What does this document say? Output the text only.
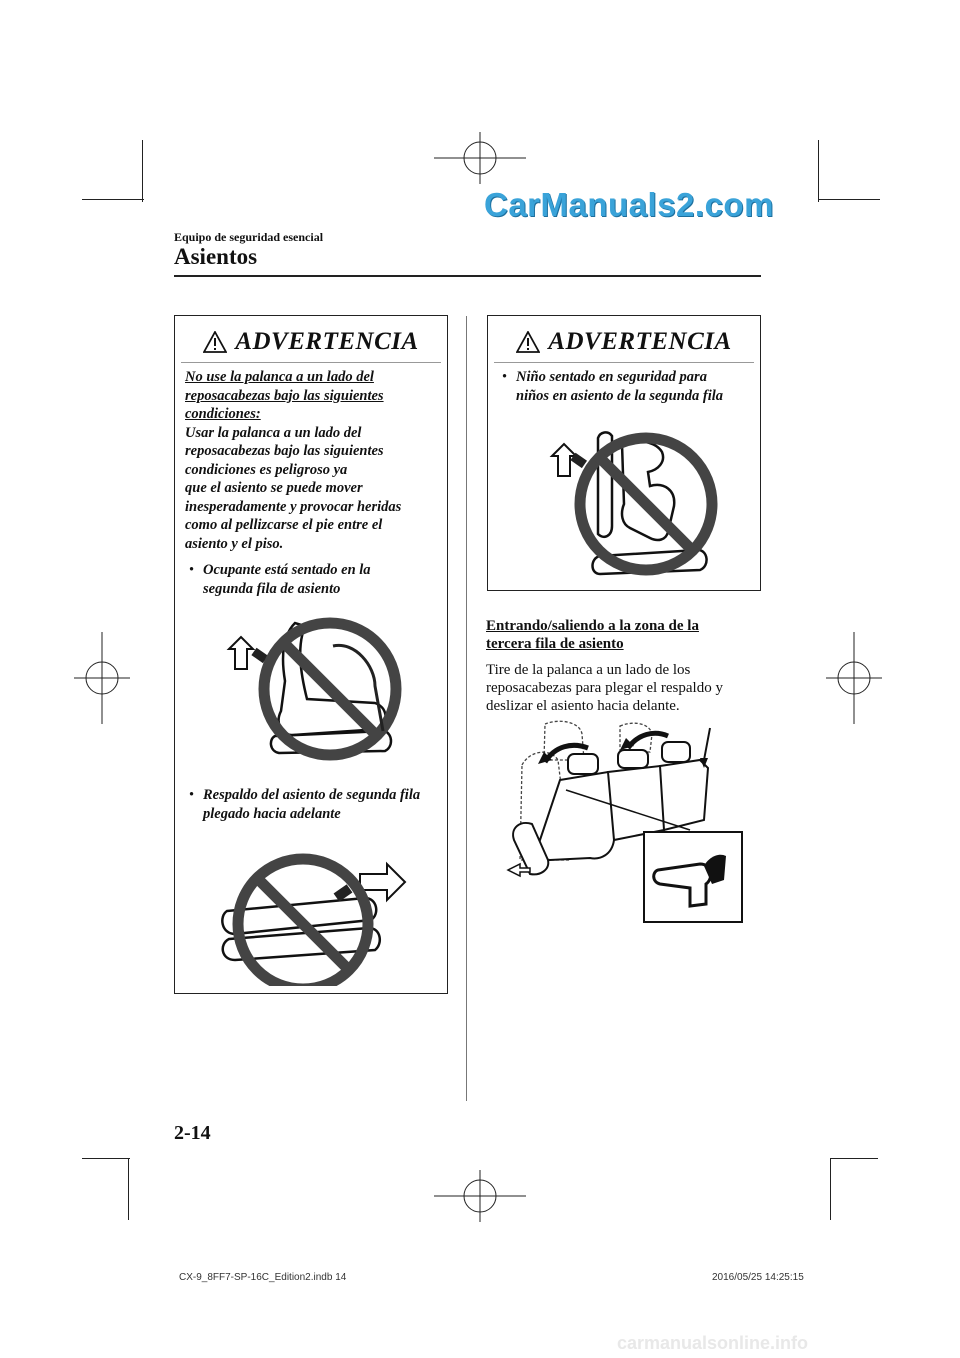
CarManuals2.com
Equipo de seguridad esencial
Asientos
ADVERTENCIA
No use la palanca a un lado del reposacabezas bajo las siguientes condiciones:
Usar la palanca a un lado del
reposacabezas bajo las siguientes
condiciones es peligroso ya
que el asiento se puede mover
inesperadamente y provocar heridas
como al pellizcarse el pie entre el
asiento y el piso.
• Ocupante está sentado en la
segunda fila de asiento
• Respaldo del asiento de segunda fila
plegado hacia adelante
ADVERTENCIA
• Niño sentado en seguridad para
niños en asiento de la segunda fila
Entrando/saliendo a la zona de la
tercera fila de asiento
Tire de la palanca a un lado de los
reposacabezas para plegar el respaldo y
deslizar el asiento hacia delante.
2-14
CX-9_8FF7-SP-16C_Edition2.indb 14	2016/05/25 14:25:15
carmanualsonline.info
